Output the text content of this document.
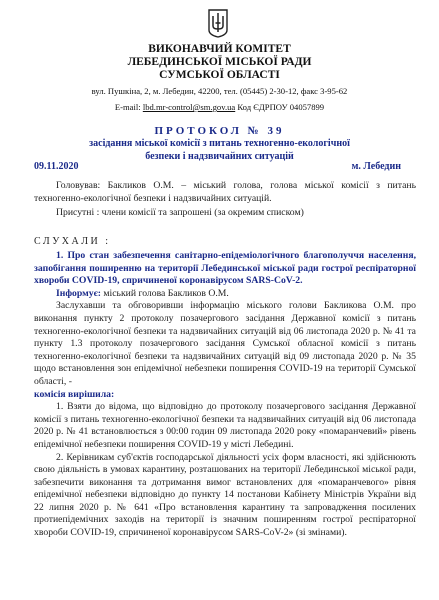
ВИКОНАВЧИЙ КОМІТЕТ
ЛЕБЕДИНСЬКОЇ МІСЬКОЇ РАДИ
СУМСЬКОЇ ОБЛАСТІ
вул. Пушкіна, 2, м. Лебедин, 42200, тел. (05445) 2-30-12, факс 3-95-62
E-mail: lbd.mr-control@sm.gov.ua Код ЄДРПОУ 04057899
ПРОТОКОЛ № 39
засідання міської комісії з питань техногенно-екологічної
безпеки і надзвичайних ситуацій
09.11.2020	м. Лебедин

Головував: Бакликов О.М. – міський голова, голова міської комісії з питань техногенно-екологічної безпеки і надзвичайних ситуацій.

Присутні : члени комісії та запрошені (за окремим списком)

СЛУХАЛИ :

1. Про стан забезпечення санітарно-епідеміологічного благополуччя населення, запобігання поширенню на території Лебединської міської ради гострої респіраторної хвороби COVID-19, спричиненої коронавірусом SARS-CoV-2.

Інформує: міський голова Бакликов О.М.

Заслухавши та обговоривши інформацію міського голови Бакликова О.М. про виконання пункту 2 протоколу позачергового засідання Державної комісії з питань техногенно-екологічної безпеки та надзвичайних ситуацій від 06 листопада 2020 р. № 41 та пункту 1.3 протоколу позачергового засідання Сумської обласної комісії з питань техногенно-екологічної безпеки та надзвичайних ситуацій від 09 листопада 2020 р. № 35 щодо встановлення зон епідемічної небезпеки поширення COVID-19 на території Сумської області, -

комісія вирішила:

1. Взяти до відома, що відповідно до протоколу позачергового засідання Державної комісії з питань техногенно-екологічної безпеки та надзвичайних ситуацій від 06 листопада 2020 р. № 41 встановлюється з 00:00 годин 09 листопада 2020 року «помаранчевий» рівень епідемічної небезпеки поширення COVID-19 у місті Лебедині.

2. Керівникам суб'єктів господарської діяльності усіх форм власності, які здійснюють свою діяльність в умовах карантину, розташованих на території Лебединської міської ради, забезпечити виконання та дотримання вимог встановлених для «помаранчевого» рівня епідемічної небезпеки відповідно до пункту 14 постанови Кабінету Міністрів України від 22 липня 2020 р. № 641 «Про встановлення карантину та запровадження посилених протиепідемічних заходів на території із значним поширенням гострої респіраторної хвороби COVID-19, спричиненої коронавірусом SARS-CoV-2» (зі змінами).
